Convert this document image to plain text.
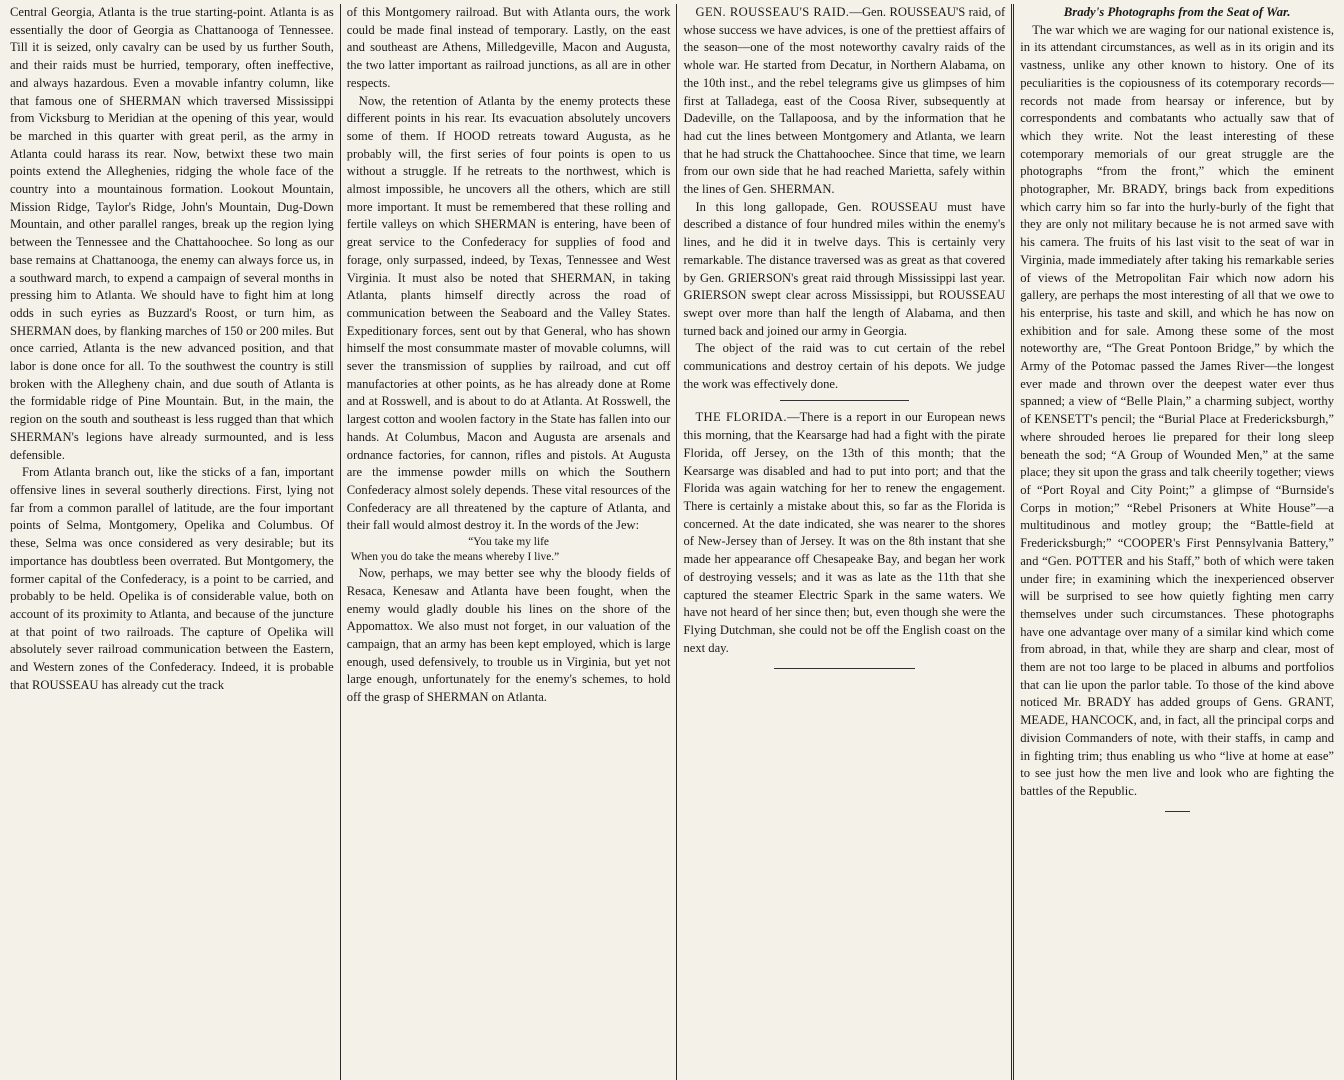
Central Georgia, Atlanta is the true starting-point. Atlanta is as essentially the door of Georgia as Chattanooga of Tennessee. Till it is seized, only cavalry can be used by us further South, and their raids must be hurried, temporary, often ineffective, and always hazardous. Even a movable infantry column, like that famous one of SHERMAN which traversed Mississippi from Vicksburg to Meridian at the opening of this year, would be marched in this quarter with great peril, as the army in Atlanta could harass its rear. Now, betwixt these two main points extend the Alleghenies, ridging the whole face of the country into a mountainous formation. Lookout Mountain, Mission Ridge, Taylor's Ridge, John's Mountain, Dug-Down Mountain, and other parallel ranges, break up the region lying between the Tennessee and the Chattahoochee. So long as our base remains at Chattanooga, the enemy can always force us, in a southward march, to expend a campaign of several months in pressing him to Atlanta. We should have to fight him at long odds in such eyries as Buzzard's Roost, or turn him, as SHERMAN does, by flanking marches of 150 or 200 miles. But once carried, Atlanta is the new advanced position, and that labor is done once for all. To the southwest the country is still broken with the Allegheny chain, and due south of Atlanta is the formidable ridge of Pine Mountain. But, in the main, the region on the south and southeast is less rugged than that which SHERMAN's legions have already surmounted, and is less defensible.

From Atlanta branch out, like the sticks of a fan, important offensive lines in several southerly directions. First, lying not far from a common parallel of latitude, are the four important points of Selma, Montgomery, Opelika and Columbus. Of these, Selma was once considered as very desirable; but its importance has doubtless been overrated. But Montgomery, the former capital of the Confederacy, is a point to be carried, and probably to be held. Opelika is of considerable value, both on account of its proximity to Atlanta, and because of the juncture at that point of two railroads. The capture of Opelika will absolutely sever railroad communication between the Eastern, and Western zones of the Confederacy. Indeed, it is probable that ROUSSEAU has already cut the track

of this Montgomery railroad. But with Atlanta ours, the work could be made final instead of temporary. Lastly, on the east and southeast are Athens, Milledgeville, Macon and Augusta, the two latter important as railroad junctions, as all are in other respects.

Now, the retention of Atlanta by the enemy protects these different points in his rear. Its evacuation absolutely uncovers some of them. If HOOD retreats toward Augusta, as he probably will, the first series of four points is open to us without a struggle. If he retreats to the northwest, which is almost impossible, he uncovers all the others, which are still more important. It must be remembered that these rolling and fertile valleys on which SHERMAN is entering, have been of great service to the Confederacy for supplies of food and forage, only surpassed, indeed, by Texas, Tennessee and West Virginia. It must also be noted that SHERMAN, in taking Atlanta, plants himself directly across the road of communication between the Seaboard and the Valley States. Expeditionary forces, sent out by that General, who has shown himself the most consummate master of movable columns, will sever the transmission of supplies by railroad, and cut off manufactories at other points, as he has already done at Rome and at Rosswell, and is about to do at Atlanta. At Rosswell, the largest cotton and woolen factory in the State has fallen into our hands. At Columbus, Macon and Augusta are arsenals and ordnance factories, for cannon, rifles and pistols. At Augusta are the immense powder mills on which the Southern Confederacy almost solely depends. These vital resources of the Confederacy are all threatened by the capture of Atlanta, and their fall would almost destroy it. In the words of the Jew:

“You take my life

When you do take the means whereby I live.”

Now, perhaps, we may better see why the bloody fields of Resaca, Kenesaw and Atlanta have been fought, when the enemy would gladly double his lines on the shore of the Appomattox. We also must not forget, in our valuation of the campaign, that an army has been kept employed, which is large enough, used defensively, to trouble us in Virginia, but yet not large enough, unfortunately for the enemy's schemes, to hold off the grasp of SHERMAN on Atlanta.

GEN. ROUSSEAU'S RAID.—Gen. ROUSSEAU'S raid, of whose success we have advices, is one of the prettiest affairs of the season—one of the most noteworthy cavalry raids of the whole war. He started from Decatur, in Northern Alabama, on the 10th inst., and the rebel telegrams give us glimpses of him first at Talladega, east of the Coosa River, subsequently at Dadeville, on the Tallapoosa, and by the information that he had cut the lines between Montgomery and Atlanta, we learn that he had struck the Chattahoochee. Since that time, we learn from our own side that he had reached Marietta, safely within the lines of Gen. SHERMAN.

In this long gallopade, Gen. ROUSSEAU must have described a distance of four hundred miles within the enemy's lines, and he did it in twelve days. This is certainly very remarkable. The distance traversed was as great as that covered by Gen. GRIERSON's great raid through Mississippi last year. GRIERSON swept clear across Mississippi, but ROUSSEAU swept over more than half the length of Alabama, and then turned back and joined our army in Georgia.

The object of the raid was to cut certain of the rebel communications and destroy certain of his depots. We judge the work was effectively done.

THE FLORIDA.—There is a report in our European news this morning, that the Kearsarge had had a fight with the pirate Florida, off Jersey, on the 13th of this month; that the Kearsarge was disabled and had to put into port; and that the Florida was again watching for her to renew the engagement. There is certainly a mistake about this, so far as the Florida is concerned. At the date indicated, she was nearer to the shores of New-Jersey than of Jersey. It was on the 8th instant that she made her appearance off Chesapeake Bay, and began her work of destroying vessels; and it was as late as the 11th that she captured the steamer Electric Spark in the same waters. We have not heard of her since then; but, even though she were the Flying Dutchman, she could not be off the English coast on the next day.

Brady's Photographs from the Seat of War.

The war which we are waging for our national existence is, in its attendant circumstances, as well as in its origin and its vastness, unlike any other known to history. One of its peculiarities is the copiousness of its cotemporary records—records not made from hearsay or inference, but by correspondents and combatants who actually saw that of which they write. Not the least interesting of these cotemporary memorials of our great struggle are the photographs “from the front,” which the eminent photographer, Mr. BRADY, brings back from expeditions which carry him so far into the hurly-burly of the fight that they are only not military because he is not armed save with his camera. The fruits of his last visit to the seat of war in Virginia, made immediately after taking his remarkable series of views of the Metropolitan Fair which now adorn his gallery, are perhaps the most interesting of all that we owe to his enterprise, his taste and skill, and which he has now on exhibition and for sale. Among these some of the most noteworthy are, “The Great Pontoon Bridge,” by which the Army of the Potomac passed the James River—the longest ever made and thrown over the deepest water ever thus spanned; a view of “Belle Plain,” a charming subject, worthy of KENSETT's pencil; the “Burial Place at Fredericksburgh,” where shrouded heroes lie prepared for their long sleep beneath the sod; “A Group of Wounded Men,” at the same place; they sit upon the grass and talk cheerily together; views of “Port Royal and City Point;” a glimpse of “Burnside's Corps in motion;” “Rebel Prisoners at White House”—a multitudinous and motley group; the “Battle-field at Fredericksburgh;” “COOPER's First Pennsylvania Battery,” and “Gen. POTTER and his Staff,” both of which were taken under fire; in examining which the inexperienced observer will be surprised to see how quietly fighting men carry themselves under such circumstances. These photographs have one advantage over many of a similar kind which come from abroad, in that, while they are sharp and clear, most of them are not too large to be placed in albums and portfolios that can lie upon the parlor table. To those of the kind above noticed Mr. BRADY has added groups of Gens. GRANT, MEADE, HANCOCK, and, in fact, all the principal corps and division Commanders of note, with their staffs, in camp and in fighting trim; thus enabling us who “live at home at ease” to see just how the men live and look who are fighting the battles of the Republic.
